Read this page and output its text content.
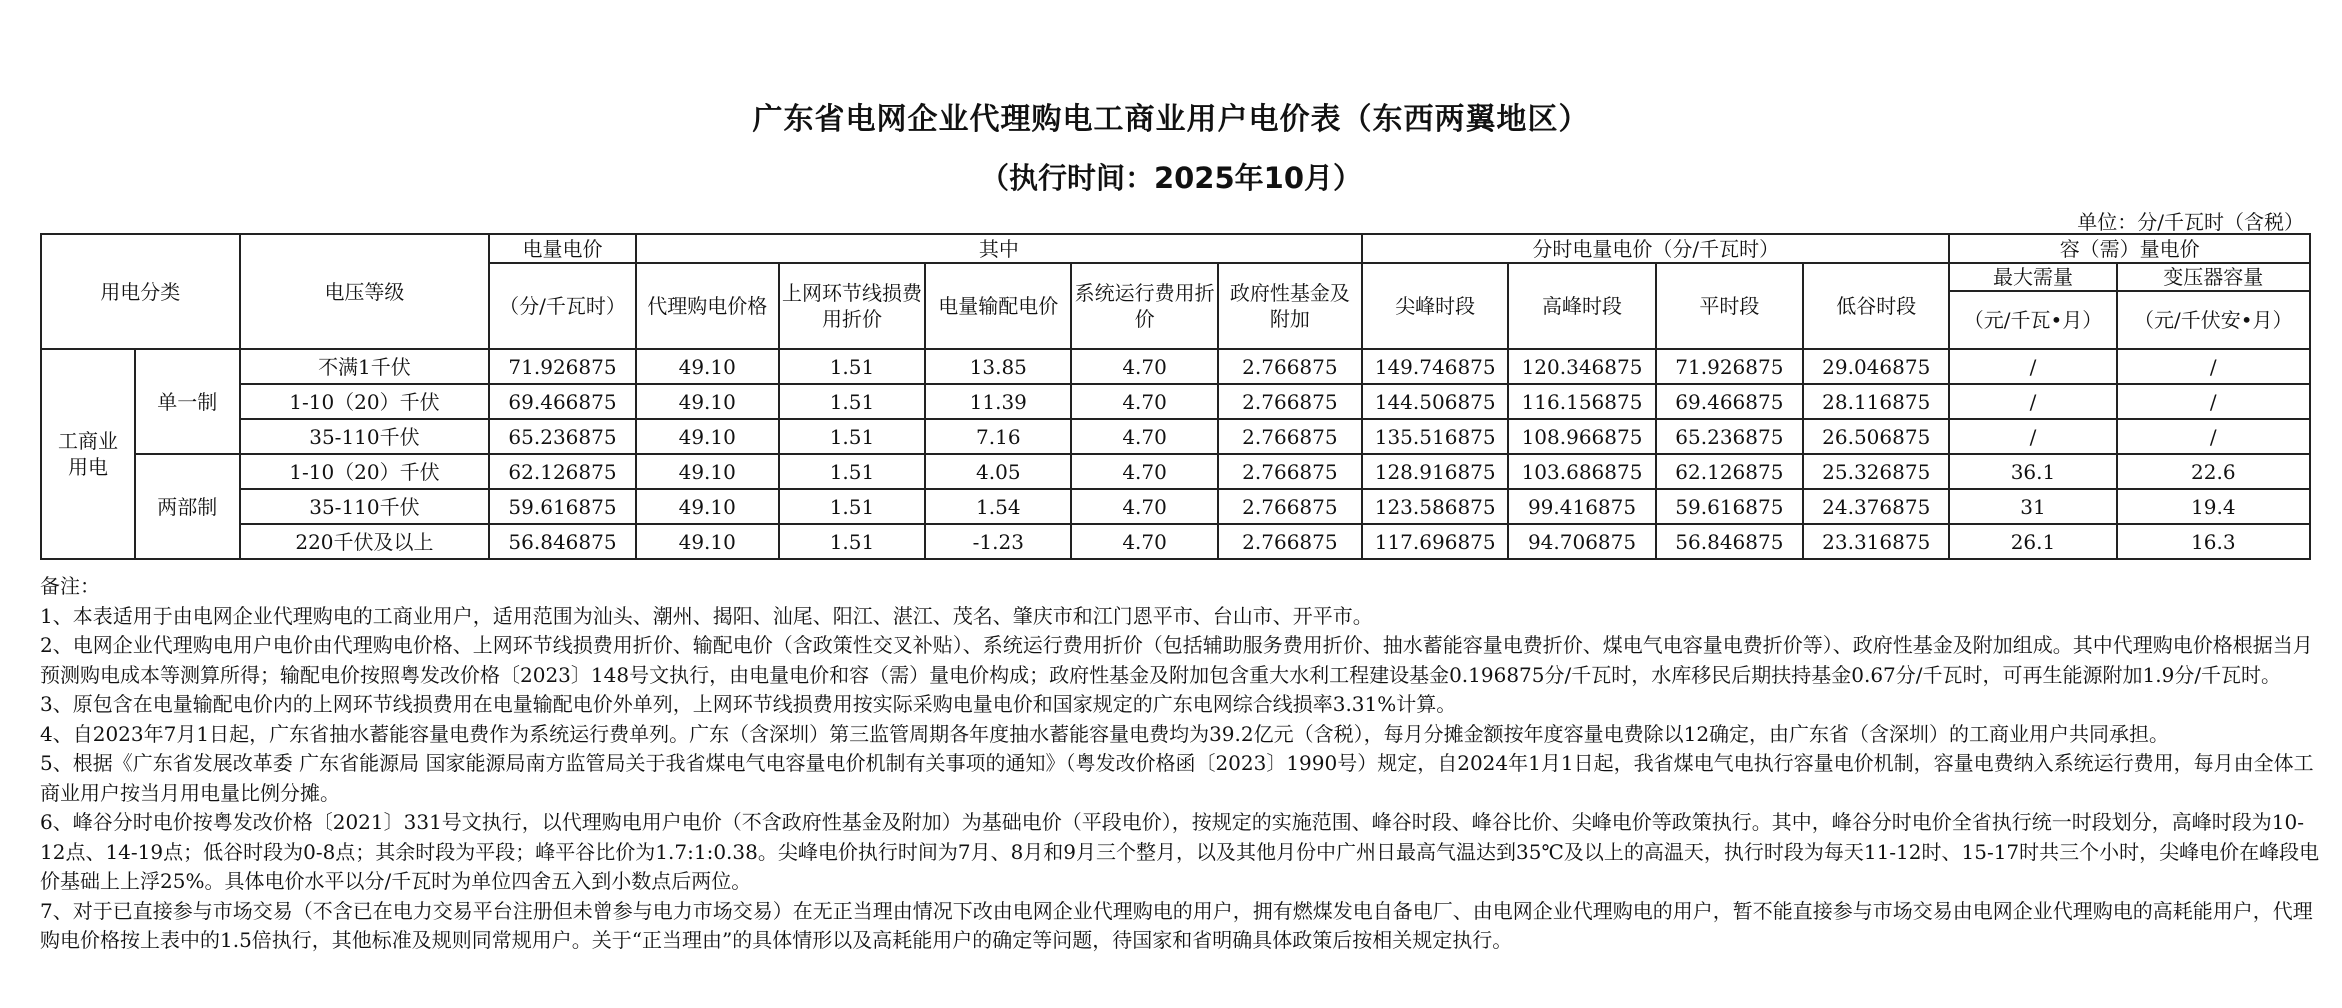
广东省电网企业代理购电工商业用户电价表（东西两翼地区）
（执行时间：2025年10月）
单位：分/千瓦时（含税）
用电分类		电压等级	电量电价	其中					分时电量电价（分/千瓦时）				容（需）量电价	
			（分/千瓦时）	代理购电价格	上网环节线损费用折价	电量输配电价	系统运行费用折价	政府性基金及附加	尖峰时段	高峰时段	平时段	低谷时段	最大需量	变压器容量
													（元/千瓦•月）	（元/千伏安•月）
工商业用电	单一制	不满1千伏	71.926875	49.10	1.51	13.85	4.70	2.766875	149.746875	120.346875	71.926875	29.046875	/	/
		1-10（20）千伏	69.466875	49.10	1.51	11.39	4.70	2.766875	144.506875	116.156875	69.466875	28.116875	/	/
		35-110千伏	65.236875	49.10	1.51	7.16	4.70	2.766875	135.516875	108.966875	65.236875	26.506875	/	/
	两部制	1-10（20）千伏	62.126875	49.10	1.51	4.05	4.70	2.766875	128.916875	103.686875	62.126875	25.326875	36.1	22.6
		35-110千伏	59.616875	49.10	1.51	1.54	4.70	2.766875	123.586875	99.416875	59.616875	24.376875	31	19.4
		220千伏及以上	56.846875	49.10	1.51	-1.23	4.70	2.766875	117.696875	94.706875	56.846875	23.316875	26.1	16.3

备注：

1、本表适用于由电网企业代理购电的工商业用户，适用范围为汕头、潮州、揭阳、汕尾、阳江、湛江、茂名、肇庆市和江门恩平市、台山市、开平市。

2、电网企业代理购电用户电价由代理购电价格、上网环节线损费用折价、输配电价（含政策性交叉补贴）、系统运行费用折价（包括辅助服务费用折价、抽水蓄能容量电费折价、煤电气电容量电费折价等）、政府性基金及附加组成。其中代理购电价格根据当月预测购电成本等测算所得；输配电价按照粤发改价格〔2023〕148号文执行，由电量电价和容（需）量电价构成；政府性基金及附加包含重大水利工程建设基金0.196875分/千瓦时，水库移民后期扶持基金0.67分/千瓦时，可再生能源附加1.9分/千瓦时。

3、原包含在电量输配电价内的上网环节线损费用在电量输配电价外单列，上网环节线损费用按实际采购电量电价和国家规定的广东电网综合线损率3.31%计算。

4、自2023年7月1日起，广东省抽水蓄能容量电费作为系统运行费单列。广东（含深圳）第三监管周期各年度抽水蓄能容量电费均为39.2亿元（含税），每月分摊金额按年度容量电费除以12确定，由广东省（含深圳）的工商业用户共同承担。

5、根据《广东省发展改革委 广东省能源局 国家能源局南方监管局关于我省煤电气电容量电价机制有关事项的通知》（粤发改价格函〔2023〕1990号）规定，自2024年1月1日起，我省煤电气电执行容量电价机制，容量电费纳入系统运行费用，每月由全体工商业用户按当月用电量比例分摊。

6、峰谷分时电价按粤发改价格〔2021〕331号文执行，以代理购电用户电价（不含政府性基金及附加）为基础电价（平段电价），按规定的实施范围、峰谷时段、峰谷比价、尖峰电价等政策执行。其中，峰谷分时电价全省执行统一时段划分，高峰时段为10-12点、14-19点；低谷时段为0-8点；其余时段为平段；峰平谷比价为1.7:1:0.38。尖峰电价执行时间为7月、8月和9月三个整月，以及其他月份中广州日最高气温达到35℃及以上的高温天，执行时段为每天11-12时、15-17时共三个小时，尖峰电价在峰段电价基础上上浮25%。具体电价水平以分/千瓦时为单位四舍五入到小数点后两位。

7、对于已直接参与市场交易（不含已在电力交易平台注册但未曾参与电力市场交易）在无正当理由情况下改由电网企业代理购电的用户，拥有燃煤发电自备电厂、由电网企业代理购电的用户，暂不能直接参与市场交易由电网企业代理购电的高耗能用户，代理购电价格按上表中的1.5倍执行，其他标准及规则同常规用户。关于“正当理由”的具体情形以及高耗能用户的确定等问题，待国家和省明确具体政策后按相关规定执行。
